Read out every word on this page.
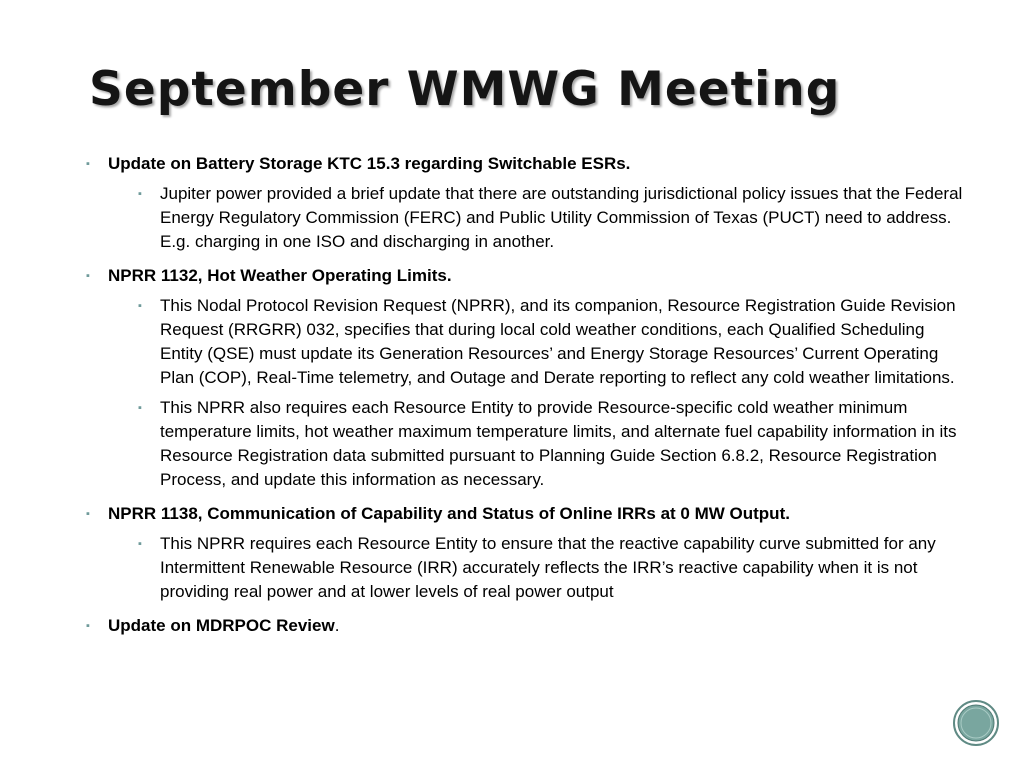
September WMWG Meeting
▪	Update on Battery Storage KTC 15.3 regarding Switchable ESRs.
▪	Jupiter power provided a brief update that there are outstanding jurisdictional policy issues that the Federal Energy Regulatory Commission (FERC) and Public Utility Commission of Texas (PUCT) need to address. E.g. charging in one ISO and discharging in another.
▪	NPRR 1132, Hot Weather Operating Limits.
▪	This Nodal Protocol Revision Request (NPRR), and its companion, Resource Registration Guide Revision Request (RRGRR) 032, specifies that during local cold weather conditions, each Qualified Scheduling Entity (QSE) must update its Generation Resources’ and Energy Storage Resources’ Current Operating Plan (COP), Real-Time telemetry, and Outage and Derate reporting to reflect any cold weather limitations.
▪	This NPRR also requires each Resource Entity to provide Resource-specific cold weather minimum temperature limits, hot weather maximum temperature limits, and alternate fuel capability information in its Resource Registration data submitted pursuant to Planning Guide Section 6.8.2, Resource Registration Process, and update this information as necessary.
▪	NPRR 1138, Communication of Capability and Status of Online IRRs at 0 MW Output.
▪	This NPRR requires each Resource Entity to ensure that the reactive capability curve submitted for any Intermittent Renewable Resource (IRR) accurately reflects the IRR’s reactive capability when it is not providing real power and at lower levels of real power output
▪	Update on MDRPOC Review.
